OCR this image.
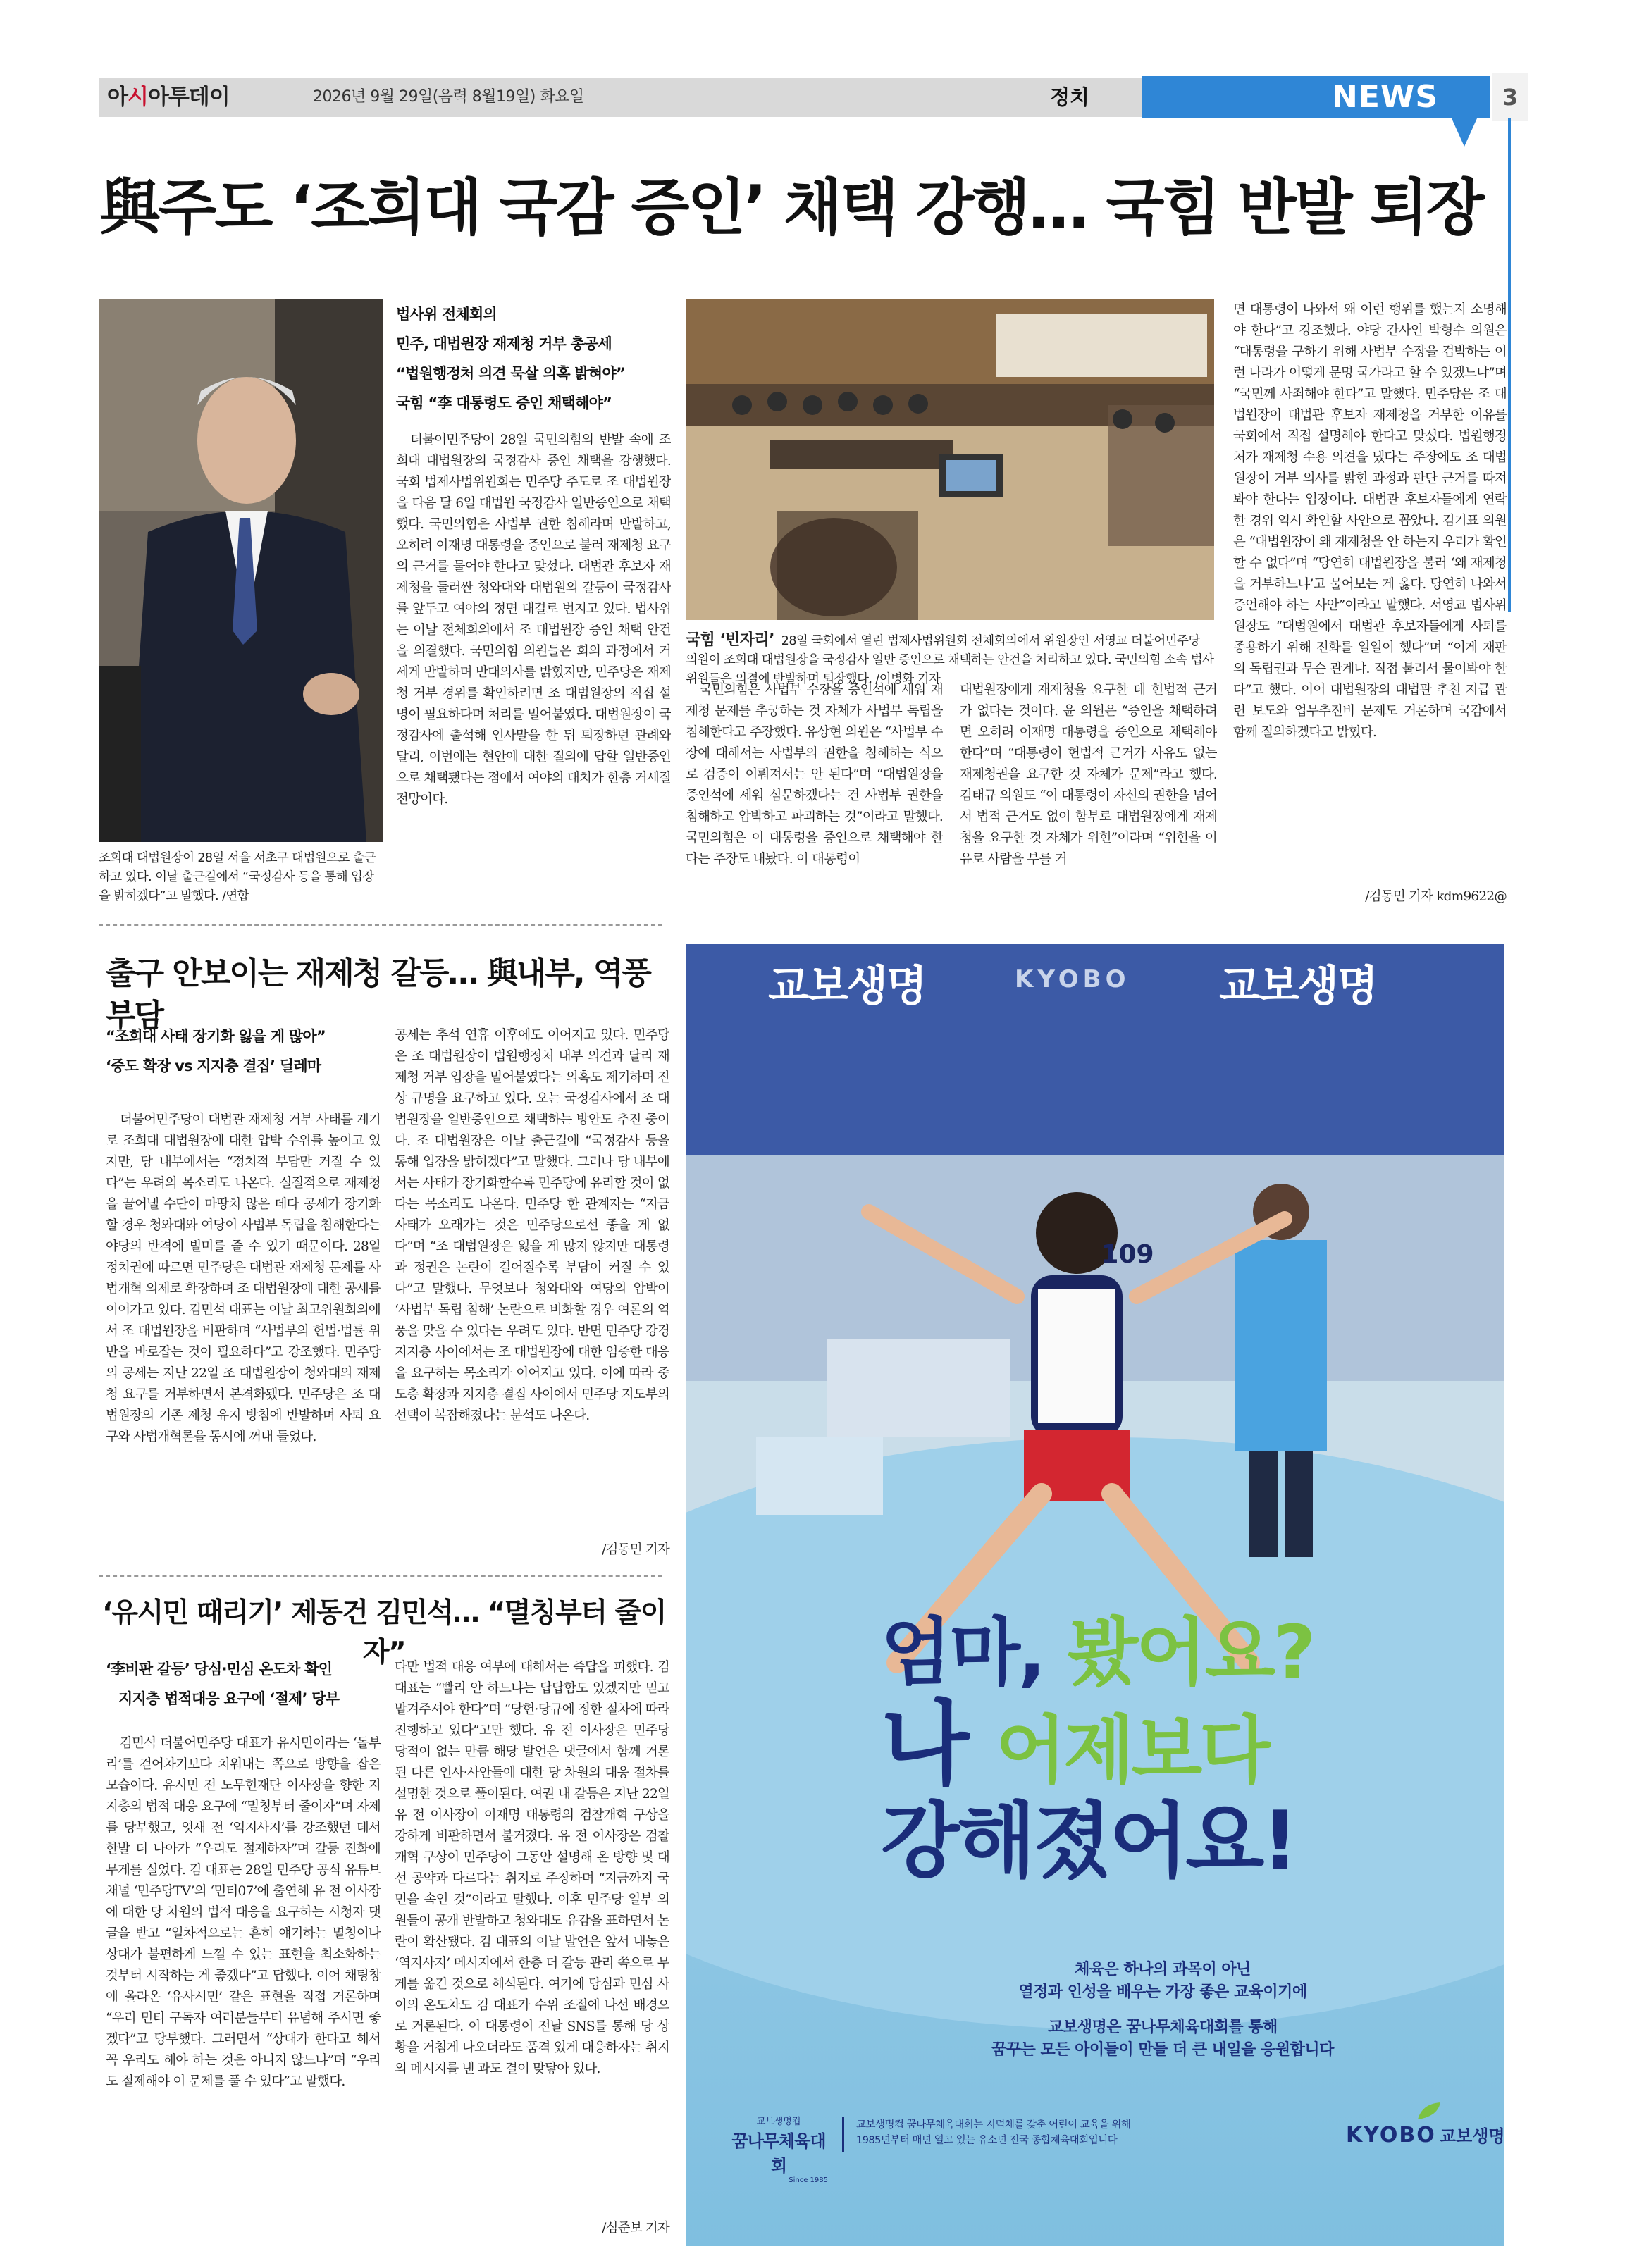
아시아투데이	2026년 9월 29일(음력 8월19일) 화요일	정치	NEWS	3
與주도 ‘조희대 국감 증인’ 채택 강행… 국힘 반발 퇴장
조희대 대법원장이 28일 서울 서초구 대법원으로 출근하고 있다. 이날 출근길에서 “국정감사 등을 통해 입장을 밝히겠다”고 말했다. /연합
법사위 전체회의
민주, 대법원장 재제청 거부 총공세
“법원행정처 의견 묵살 의혹 밝혀야”
국힘 “李 대통령도 증인 채택해야”

더불어민주당이 28일 국민의힘의 반발 속에 조희대 대법원장의 국정감사 증인 채택을 강행했다. 국회 법제사법위원회는 민주당 주도로 조 대법원장을 다음 달 6일 대법원 국정감사 일반증인으로 채택했다. 국민의힘은 사법부 권한 침해라며 반발하고, 오히려 이재명 대통령을 증인으로 불러 재제청 요구의 근거를 물어야 한다고 맞섰다. 대법관 후보자 재제청을 둘러싼 청와대와 대법원의 갈등이 국정감사를 앞두고 여야의 정면 대결로 번지고 있다. 법사위는 이날 전체회의에서 조 대법원장 증인 채택 안건을 의결했다. 국민의힘 의원들은 회의 과정에서 거세게 반발하며 반대의사를 밝혔지만, 민주당은 재제청 거부 경위를 확인하려면 조 대법원장의 직접 설명이 필요하다며 처리를 밀어붙였다. 대법원장이 국정감사에 출석해 인사말을 한 뒤 퇴장하던 관례와 달리, 이번에는 현안에 대한 질의에 답할 일반증인으로 채택됐다는 점에서 여야의 대치가 한층 거세질 전망이다.

국힘 ‘빈자리’ 28일 국회에서 열린 법제사법위원회 전체회의에서 위원장인 서영교 더불어민주당 의원이 조희대 대법원장을 국정감사 일반 증인으로 채택하는 안건을 처리하고 있다. 국민의힘 소속 법사위원들은 의결에 반발하며 퇴장했다. /이병화 기자

국민의힘은 사법부 수장을 증인석에 세워 재제청 문제를 추궁하는 것 자체가 사법부 독립을 침해한다고 주장했다. 유상현 의원은 “사법부 수장에 대해서는 사법부의 권한을 침해하는 식으로 검증이 이뤄져서는 안 된다”며 “대법원장을 증인석에 세워 심문하겠다는 건 사법부 권한을 침해하고 압박하고 파괴하는 것”이라고 말했다. 국민의힘은 이 대통령을 증인으로 채택해야 한다는 주장도 내놨다. 이 대통령이

대법원장에게 재제청을 요구한 데 헌법적 근거가 없다는 것이다. 윤 의원은 “증인을 채택하려면 오히려 이재명 대통령을 증인으로 채택해야 한다”며 “대통령이 헌법적 근거가 사유도 없는 재제청권을 요구한 것 자체가 문제”라고 했다. 김태규 의원도 “이 대통령이 자신의 권한을 넘어서 법적 근거도 없이 함부로 대법원장에게 재제청을 요구한 것 자체가 위헌”이라며 “위헌을 이유로 사람을 부를 거

면 대통령이 나와서 왜 이런 행위를 했는지 소명해야 한다”고 강조했다. 야당 간사인 박형수 의원은 “대통령을 구하기 위해 사법부 수장을 겁박하는 이런 나라가 어떻게 문명 국가라고 할 수 있겠느냐”며 “국민께 사죄해야 한다”고 말했다. 민주당은 조 대법원장이 대법관 후보자 재제청을 거부한 이유를 국회에서 직접 설명해야 한다고 맞섰다. 법원행정처가 재제청 수용 의견을 냈다는 주장에도 조 대법원장이 거부 의사를 밝힌 과정과 판단 근거를 따져봐야 한다는 입장이다. 대법관 후보자들에게 연락한 경위 역시 확인할 사안으로 꼽았다. 김기표 의원은 “대법원장이 왜 재제청을 안 하는지 우리가 확인할 수 없다”며 “당연히 대법원장을 불러 ‘왜 재제청을 거부하느냐’고 물어보는 게 옳다. 당연히 나와서 증언해야 하는 사안”이라고 말했다. 서영교 법사위원장도 “대법원에서 대법관 후보자들에게 사퇴를 종용하기 위해 전화를 일일이 했다”며 “이게 재판의 독립권과 무슨 관계냐. 직접 불러서 물어봐야 한다”고 했다. 이어 대법원장의 대법관 추천 지급 관련 보도와 업무추진비 문제도 거론하며 국감에서 함께 질의하겠다고 밝혔다.

/김동민 기자 kdm9622@
출구 안보이는 재제청 갈등… 與내부, 역풍 부담
“조희대 사태 장기화 잃을 게 많아”
‘중도 확장 vs 지지층 결집’ 딜레마

더불어민주당이 대법관 재제청 거부 사태를 계기로 조희대 대법원장에 대한 압박 수위를 높이고 있지만, 당 내부에서는 “정치적 부담만 커질 수 있다”는 우려의 목소리도 나온다. 실질적으로 재제청을 끌어낼 수단이 마땅치 않은 데다 공세가 장기화할 경우 청와대와 여당이 사법부 독립을 침해한다는 야당의 반격에 빌미를 줄 수 있기 때문이다. 28일 정치권에 따르면 민주당은 대법관 재제청 문제를 사법개혁 의제로 확장하며 조 대법원장에 대한 공세를 이어가고 있다. 김민석 대표는 이날 최고위원회의에서 조 대법원장을 비판하며 “사법부의 헌법·법률 위반을 바로잡는 것이 필요하다”고 강조했다. 민주당의 공세는 지난 22일 조 대법원장이 청와대의 재제청 요구를 거부하면서 본격화됐다. 민주당은 조 대법원장의 기존 제청 유지 방침에 반발하며 사퇴 요구와 사법개혁론을 동시에 꺼내 들었다.

공세는 추석 연휴 이후에도 이어지고 있다. 민주당은 조 대법원장이 법원행정처 내부 의견과 달리 재제청 거부 입장을 밀어붙였다는 의혹도 제기하며 진상 규명을 요구하고 있다. 오는 국정감사에서 조 대법원장을 일반증인으로 채택하는 방안도 추진 중이다. 조 대법원장은 이날 출근길에 “국정감사 등을 통해 입장을 밝히겠다”고 말했다. 그러나 당 내부에서는 사태가 장기화할수록 민주당에 유리할 것이 없다는 목소리도 나온다. 민주당 한 관계자는 “지금 사태가 오래가는 것은 민주당으로선 좋을 게 없다”며 “조 대법원장은 잃을 게 많지 않지만 대통령과 정권은 논란이 길어질수록 부담이 커질 수 있다”고 말했다. 무엇보다 청와대와 여당의 압박이 ‘사법부 독립 침해’ 논란으로 비화할 경우 여론의 역풍을 맞을 수 있다는 우려도 있다. 반면 민주당 강경 지지층 사이에서는 조 대법원장에 대한 엄중한 대응을 요구하는 목소리가 이어지고 있다. 이에 따라 중도층 확장과 지지층 결집 사이에서 민주당 지도부의 선택이 복잡해졌다는 분석도 나온다.

/김동민 기자
‘유시민 때리기’ 제동건 김민석… “멸칭부터 줄이자”
‘李비판 갈등’ 당심·민심 온도차 확인
지지층 법적대응 요구에 ‘절제’ 당부

김민석 더불어민주당 대표가 유시민이라는 ‘돌부리’를 걷어차기보다 치워내는 쪽으로 방향을 잡은 모습이다. 유시민 전 노무현재단 이사장을 향한 지지층의 법적 대응 요구에 “멸칭부터 줄이자”며 자제를 당부했고, 엿새 전 ‘역지사지’를 강조했던 데서 한발 더 나아가 “우리도 절제하자”며 갈등 진화에 무게를 실었다. 김 대표는 28일 민주당 공식 유튜브 채널 ‘민주당TV’의 ‘민티07’에 출연해 유 전 이사장에 대한 당 차원의 법적 대응을 요구하는 시청자 댓글을 받고 “일차적으로는 흔히 얘기하는 멸칭이나 상대가 불편하게 느낄 수 있는 표현을 최소화하는 것부터 시작하는 게 좋겠다”고 답했다. 이어 채팅창에 올라온 ‘유사시민’ 같은 표현을 직접 거론하며 “우리 민티 구독자 여러분들부터 유념해 주시면 좋겠다”고 당부했다. 그러면서 “상대가 한다고 해서 꼭 우리도 해야 하는 것은 아니지 않느냐”며 “우리도 절제해야 이 문제를 풀 수 있다”고 말했다.

다만 법적 대응 여부에 대해서는 즉답을 피했다. 김 대표는 “빨리 안 하느냐는 답답함도 있겠지만 믿고 맡겨주셔야 한다”며 “당헌·당규에 정한 절차에 따라 진행하고 있다”고만 했다. 유 전 이사장은 민주당 당적이 없는 만큼 해당 발언은 댓글에서 함께 거론된 다른 인사·사안들에 대한 당 차원의 대응 절차를 설명한 것으로 풀이된다. 여권 내 갈등은 지난 22일 유 전 이사장이 이재명 대통령의 검찰개혁 구상을 강하게 비판하면서 불거졌다. 유 전 이사장은 검찰개혁 구상이 민주당이 그동안 설명해 온 방향 및 대선 공약과 다르다는 취지로 주장하며 “지금까지 국민을 속인 것”이라고 말했다. 이후 민주당 일부 의원들이 공개 반발하고 청와대도 유감을 표하면서 논란이 확산됐다. 김 대표의 이날 발언은 앞서 내놓은 ‘역지사지’ 메시지에서 한층 더 갈등 관리 쪽으로 무게를 옮긴 것으로 해석된다. 여기에 당심과 민심 사이의 온도차도 김 대표가 수위 조절에 나선 배경으로 거론된다. 이 대통령이 전날 SNS를 통해 당 상황을 거침게 나오더라도 품격 있게 대응하자는 취지의 메시지를 낸 과도 결이 맞닿아 있다.

/심준보 기자
교보생명	KYOBO 교보생명
109
엄마, 봤어요?
나 어제보다
강해졌어요!
체육은 하나의 과목이 아닌
열정과 인성을 배우는 가장 좋은 교육이기에
교보생명은 꿈나무체육대회를 통해
꿈꾸는 모든 아이들이 만들 더 큰 내일을 응원합니다
교보생명컵
꿈나무체육대회
Since 1985
교보생명컵 꿈나무체육대회는 지덕체를 갖춘 어린이 교육을 위해
1985년부터 매년 열고 있는 유소년 전국 종합체육대회입니다	KYOBO 교보생명
